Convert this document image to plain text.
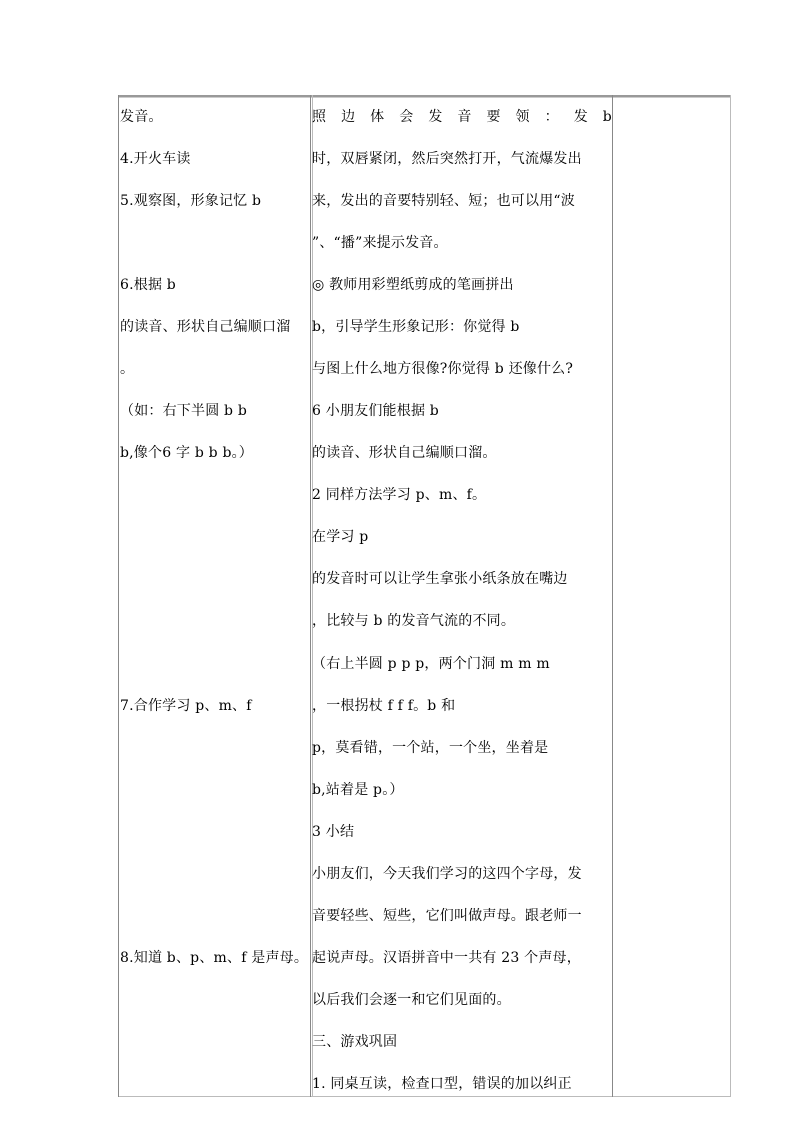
发音。
4.开火车读
5.观察图，形象记忆 b
6.根据 b
的读音、形状自己编顺口溜
。
（如：右下半圆 b b
b,像个6 字 b b b。）
7.合作学习 p、m、f
8.知道 b、p、m、f 是声母。
照 边 体 会 发 音 要 领 ： 发 b
时，双唇紧闭，然后突然打开，气流爆发出
来，发出的音要特别轻、短；也可以用“波
”、“播”来提示发音。
◎ 教师用彩塑纸剪成的笔画拼出
b，引导学生形象记形：你觉得 b
与图上什么地方很像?你觉得 b 还像什么?
6 小朋友们能根据 b
的读音、形状自己编顺口溜。
2 同样方法学习 p、m、f。
在学习 p
的发音时可以让学生拿张小纸条放在嘴边
，比较与 b 的发音气流的不同。
（右上半圆 p p p，两个门洞 m m m
，一根拐杖 f f f。b 和
p，莫看错，一个站，一个坐，坐着是
b,站着是 p。）
3 小结
小朋友们，今天我们学习的这四个字母，发
音要轻些、短些，它们叫做声母。跟老师一
起说声母。汉语拼音中一共有 23 个声母，
以后我们会逐一和它们见面的。
三、游戏巩固
1. 同桌互读，检查口型，错误的加以纠正
